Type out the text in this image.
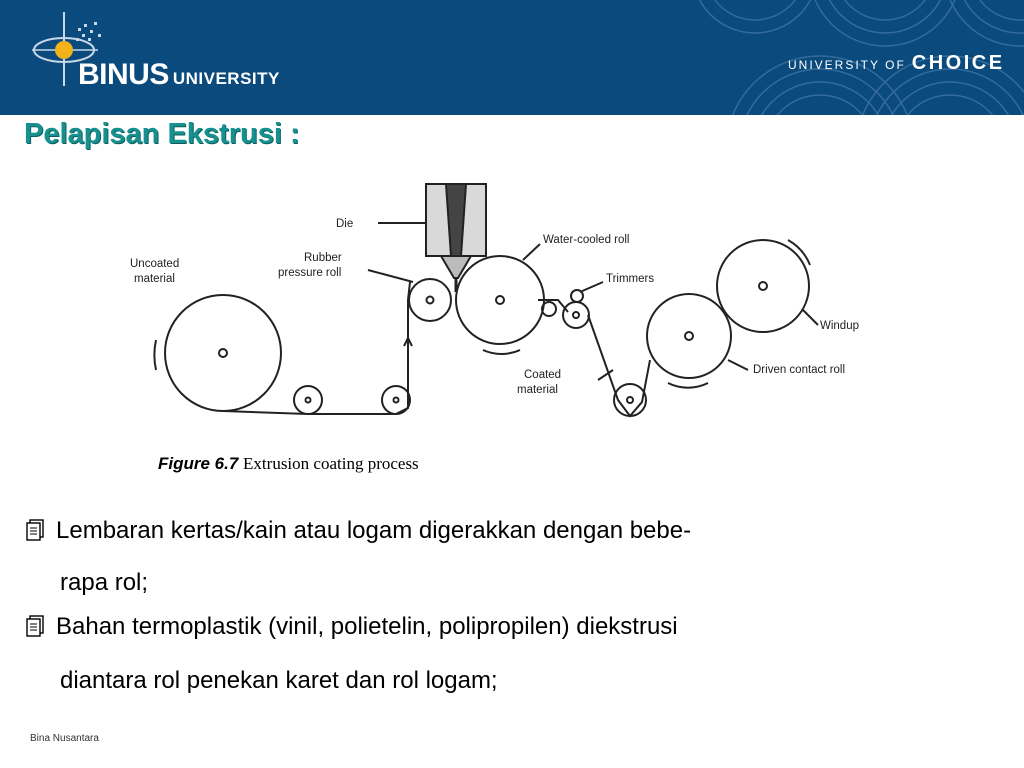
BINUS UNIVERSITY
UNIVERSITY OF CHOICE
Pelapisan Ekstrusi :
Die
Uncoated
material
Rubber
pressure roll
Water-cooled roll
Trimmers
Windup
Coated
material
Driven contact roll
Figure 6.7 Extrusion coating process
Lembaran kertas/kain atau logam digerakkan dengan bebe-
rapa rol;
Bahan termoplastik (vinil, polietelin, polipropilen) diekstrusi
diantara rol penekan karet dan rol logam;
Bina Nusantara
